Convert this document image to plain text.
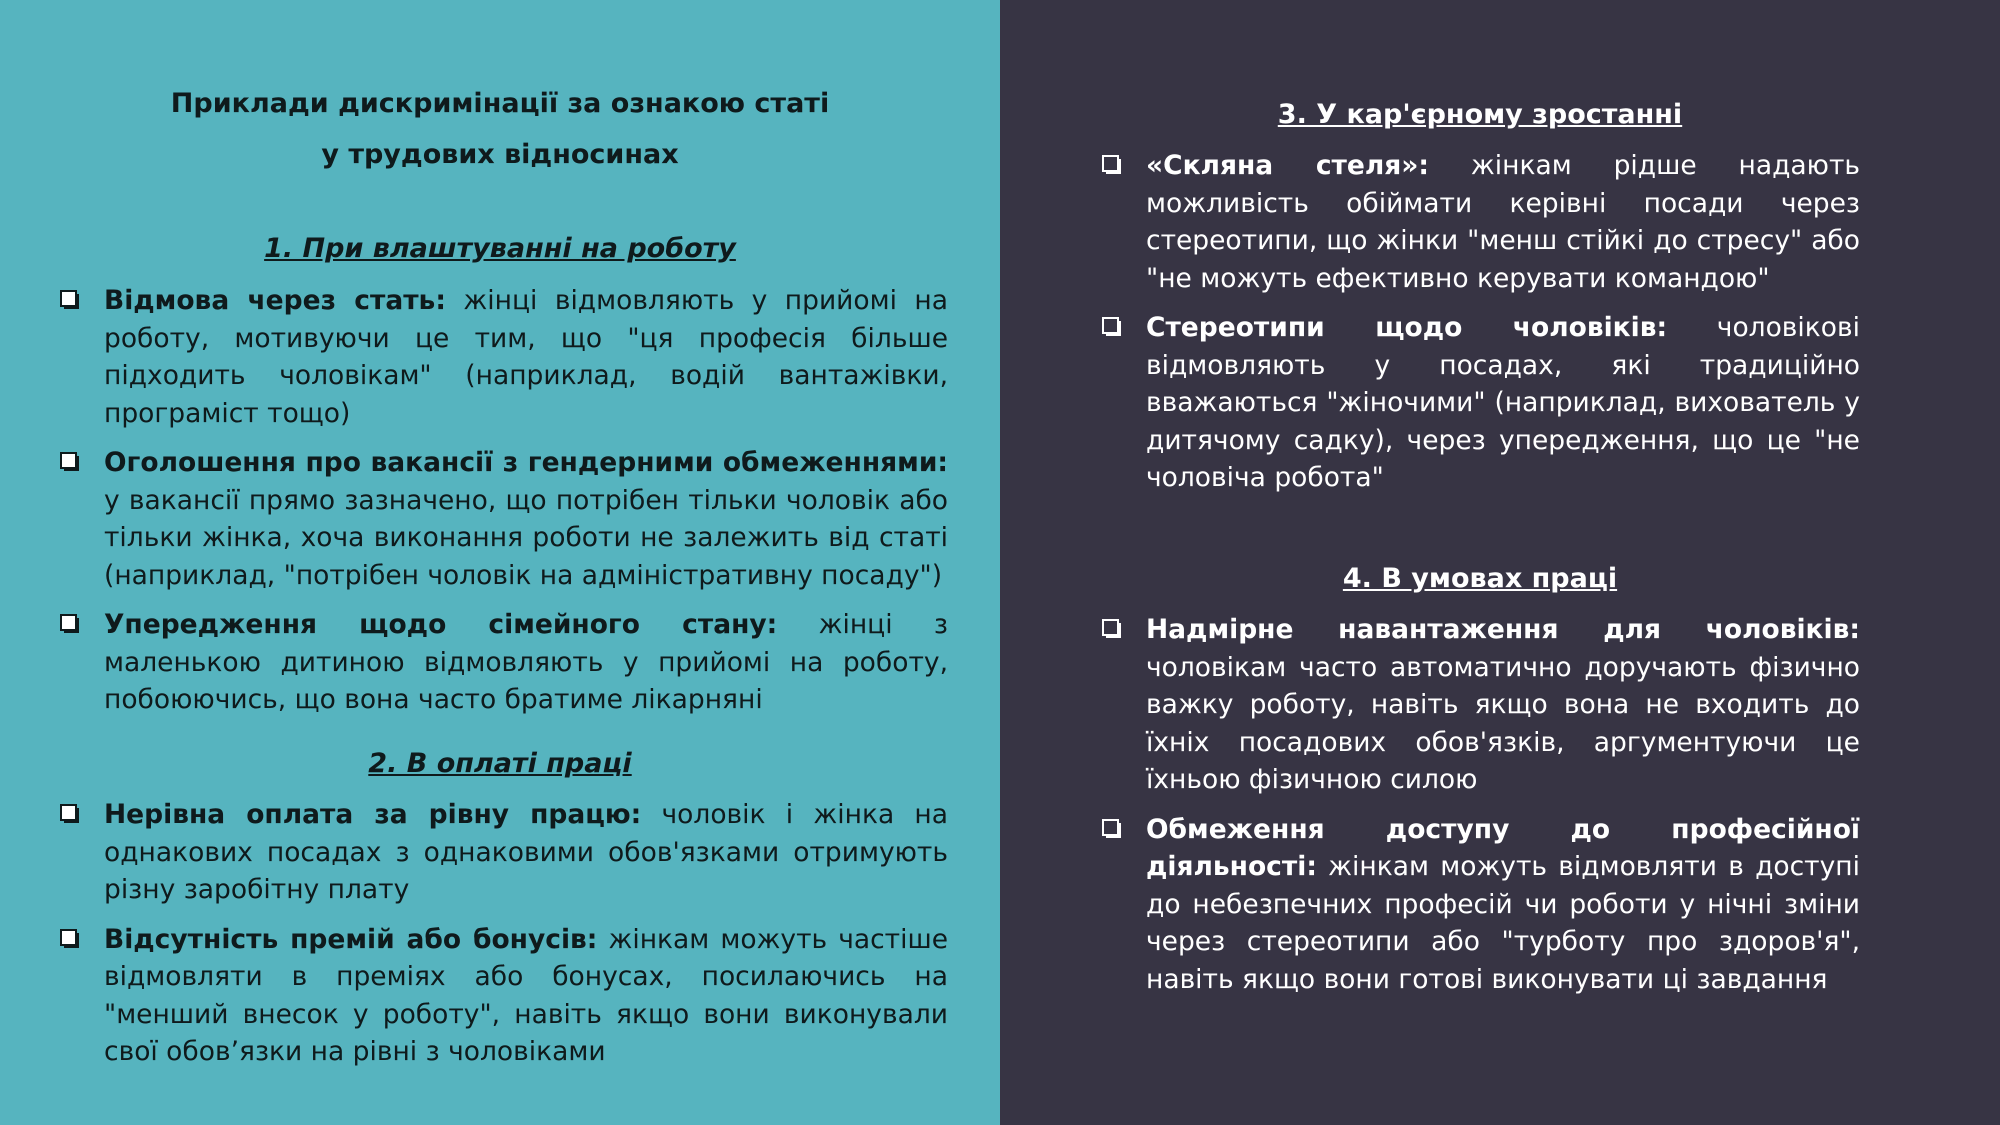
Приклади дискримінації за ознакою статі
у трудових відносинах
1. При влаштуванні на роботу
Відмова через стать: жінці відмовляють у прийомі на роботу, мотивуючи це тим, що "ця професія більше підходить чоловікам" (наприклад, водій вантажівки, програміст тощо)
Оголошення про вакансії з гендерними обмеженнями: у вакансії прямо зазначено, що потрібен тільки чоловік або тільки жінка, хоча виконання роботи не залежить від статі (наприклад, "потрібен чоловік на адміністративну посаду")
Упередження щодо сімейного стану: жінці з маленькою дитиною відмовляють у прийомі на роботу, побоюючись, що вона часто братиме лікарняні
2. В оплаті праці
Нерівна оплата за рівну працю: чоловік і жінка на однакових посадах з однаковими обов'язками отримують різну заробітну плату
Відсутність премій або бонусів: жінкам можуть частіше відмовляти в преміях або бонусах, посилаючись на "менший внесок у роботу", навіть якщо вони виконували свої обов’язки на рівні з чоловіками
3. У кар'єрному зростанні
«Скляна стеля»: жінкам рідше надають можливість обіймати керівні посади через стереотипи, що жінки "менш стійкі до стресу" або "не можуть ефективно керувати командою"
Стереотипи щодо чоловіків: чоловікові відмовляють у посадах, які традиційно вважаються "жіночими" (наприклад, вихователь у дитячому садку), через упередження, що це "не чоловіча робота"
4. В умовах праці
Надмірне навантаження для чоловіків: чоловікам часто автоматично доручають фізично важку роботу, навіть якщо вона не входить до їхніх посадових обов'язків, аргументуючи це їхньою фізичною силою
Обмеження доступу до професійної діяльності: жінкам можуть відмовляти в доступі до небезпечних професій чи роботи у нічні зміни через стереотипи або "турботу про здоров'я", навіть якщо вони готові виконувати ці завдання
